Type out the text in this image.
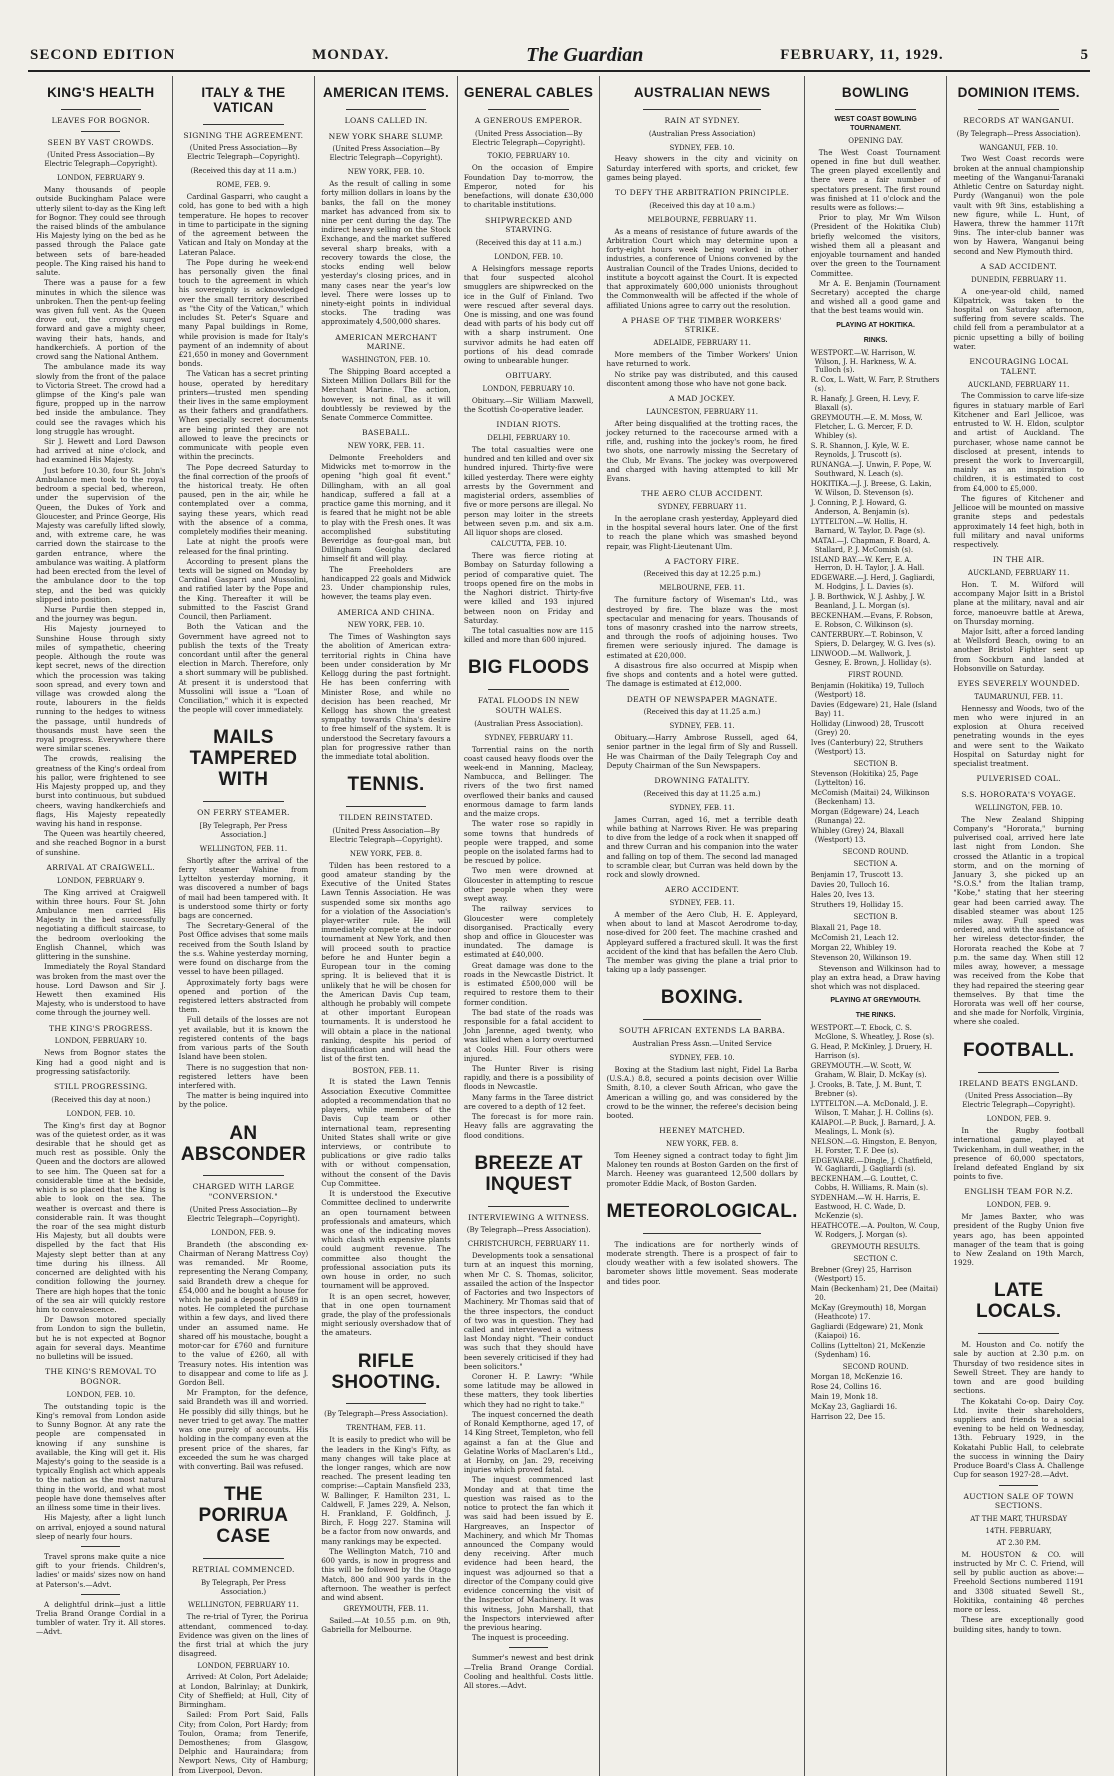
SECOND EDITION	MONDAY.	The Guardian	FEBRUARY, 11, 1929.	5
KING'S HEALTH
LEAVES FOR BOGNOR.
SEEN BY VAST CROWDS.
(United Press Association—By Electric Telegraph—Copyright).
LONDON, FEBRUARY 9.

Many thousands of people outside Buckingham Palace were utterly silent to-day as the King left for Bognor. They could see through the raised blinds of the ambulance His Majesty lying on the bed as he passed through the Palace gate between sets of bare-headed people. The King raised his hand to salute.

There was a pause for a few minutes in which the silence was unbroken. Then the pent-up feeling was given full vent. As the Queen drove out, the crowd surged forward and gave a mighty cheer, waving their hats, hands, and handkerchiefs. A portion of the crowd sang the National Anthem.

The ambulance made its way slowly from the front of the palace to Victoria Street. The crowd had a glimpse of the King's pale wan figure, propped up in the narrow bed inside the ambulance. They could see the ravages which his long struggle has wrought.

Sir J. Hewett and Lord Dawson had arrived at nine o'clock, and had examined His Majesty.

Just before 10.30, four St. John's Ambulance men took to the royal bedroom a special bed, whereon, under the supervision of the Queen, the Dukes of York and Gloucester, and Prince George, His Majesty was carefully lifted slowly, and, with extreme care, he was carried down the staircase to the garden entrance, where the ambulance was waiting. A platform had been erected from the level of the ambulance door to the top step, and the bed was quickly slipped into position.

Nurse Purdie then stepped in, and the journey was begun.

His Majesty journeyed to Sunshine House through sixty miles of sympathetic, cheering people. Although the route was kept secret, news of the direction which the procession was taking soon spread, and every town and village was crowded along the route, labourers in the fields running to the hedges to witness the passage, until hundreds of thousands must have seen the royal progress. Everywhere there were similar scenes.

The crowds, realising the greatness of the King's ordeal from his pallor, were frightened to see His Majesty propped up, and they burst into continuous, but subdued cheers, waving handkerchiefs and flags, His Majesty repeatedly waving his hand in response.

The Queen was heartily cheered, and she reached Bognor in a burst of sunshine.

ARRIVAL AT CRAIGWELL.
LONDON, FEBRUARY 9.

The King arrived at Craigwell within three hours. Four St. John Ambulance men carried His Majesty in the bed successfully negotiating a difficult staircase, to the bedroom overlooking the English Channel, which was glittering in the sunshine.

Immediately the Royal Standard was broken from the mast over the house. Lord Dawson and Sir J. Hewett then examined His Majesty, who is understood to have come through the journey well.

THE KING'S PROGRESS.
LONDON, FEBRUARY 10.

News from Bognor states the King had a good night and is progressing satisfactorily.

STILL PROGRESSING.
(Received this day at noon.)
LONDON, FEB. 10.

The King's first day at Bognor was of the quietest order, as it was desirable that he should get as much rest as possible. Only the Queen and the doctors are allowed to see him. The Queen sat for a considerable time at the bedside, which is so placed that the King is able to look on the sea. The weather is overcast and there is considerable rain. It was thought the roar of the sea might disturb His Majesty, but all doubts were dispelled by the fact that His Majesty slept better than at any time during his illness. All concerned are delighted with his condition following the journey. There are high hopes that the tonic of the sea air will quickly restore him to convalescence.

Dr Dawson motored specially from London to sign the bulletin, but he is not expected at Bognor again for several days. Meantime no bulletins will be issued.

THE KING'S REMOVAL TO BOGNOR.
LONDON, FEB. 10.

The outstanding topic is the King's removal from London aside to Sunny Bognor. At any rate the people are compensated in knowing if any sunshine is available, the King will get it. His Majesty's going to the seaside is a typically English act which appeals to the nation as the most natural thing in the world, and what most people have done themselves after an illness some time in their lives.

His Majesty, after a light lunch on arrival, enjoyed a sound natural sleep of nearly four hours.

Travel sprons make quite a nice gift to your friends. Children's, ladies' or maids' sizes now on hand at Paterson's.—Advt.

A delightful drink—just a little Trelia Brand Orange Cordial in a tumbler of water. Try it. All stores.—Advt.

ITALY & THE VATICAN
SIGNING THE AGREEMENT.
(United Press Association—By Electric Telegraph—Copyright).
(Received this day at 11 a.m.)
ROME, FEB. 9.

Cardinal Gasparri, who caught a cold, has gone to bed with a high temperature. He hopes to recover in time to participate in the signing of the agreement between the Vatican and Italy on Monday at the Lateran Palace.

The Pope during he week-end has personally given the final touch to the agreement in which his sovereignty is acknowledged over the small territory described as "the City of the Vatican," which includes St. Peter's Square and many Papal buildings in Rome, while provision is made for Italy's payment of an indemnity of about £21,650 in money and Government bonds.

The Vatican has a secret printing house, operated by hereditary printers—trusted men spending their lives in the same employment as their fathers and grandfathers. When specially secret documents are being printed they are not allowed to leave the precincts or communicate with people even within the precincts.

The Pope decreed Saturday to the final correction of the proofs of the historical treaty. He often paused, pen in the air, while he contemplated over a comma, saying these years, which read with the absence of a comma, completely modifies their meaning.

Late at night the proofs were released for the final printing.

According to present plans the texts will be signed on Monday by Cardinal Gasparri and Mussolini, and ratified later by the Pope and the King. Thereafter it will be submitted to the Fascist Grand Council, then Parliament.

Both the Vatican and the Government have agreed not to publish the texts of the Treaty concordant until after the general election in March. Therefore, only a short summary will be published. At present it is understood that Mussolini will issue a "Loan of Conciliation," which it is expected the people will cover immediately.

MAILS TAMPERED WITH
ON FERRY STEAMER.
[By Telegraph, Per Press Association.]
WELLINGTON, FEB. 11.

Shortly after the arrival of the ferry steamer Wahine from Lyttelton yesterday morning, it was discovered a number of bags of mail had been tampered with. It is understood some thirty or forty bags are concerned.

The Secretary-General of the Post Office advises that some mails received from the South Island by the s.s. Wahine yesterday morning, were found on discharge from the vessel to have been pillaged.

Approximately forty bags were opened and portion of the registered letters abstracted from them.

Full details of the losses are not yet available, but it is known the registered contents of the bags from various parts of the South Island have been stolen.

There is no suggestion that non-registered letters have been interfered with.

The matter is being inquired into by the police.

AN ABSCONDER
CHARGED WITH LARGE "CONVERSION."
(United Press Association—By Electric Telegraph—Copyright).
LONDON, FEB. 9.

Brandeth (the absconding ex-Chairman of Nerang Mattress Coy) was remanded. Mr Roome, representing the Nerang Company, said Brandeth drew a cheque for £54,000 and he bought a house for which he paid a deposit of £589 in notes. He completed the purchase within a few days, and lived there under an assumed name. He shared off his moustache, bought a motor-car for £760 and furniture to the value of £260, all with Treasury notes. His intention was to disappear and come to life as J. Gordon Bell.

Mr Frampton, for the defence, said Brandeth was ill and worried. He possibly did silly things, but he never tried to get away. The matter was one purely of accounts. His holding in the company even at the present price of the shares, far exceeded the sum he was charged with converting. Bail was refused.

THE PORIRUA CASE
RETRIAL COMMENCED.
By Telegraph, Per Press Association.)
WELLINGTON, FEBRUARY 11.

The re-trial of Tyrer, the Porirua attendant, commenced to-day. Evidence was given on the lines of the first trial at which the jury disagreed.

LONDON, FEBRUARY 10.

Arrived: At Colon, Port Adelaide; at London, Balrinlay; at Dunkirk, City of Sheffield; at Hull, City of Birmingham.

Sailed: From Port Said, Falls City; from Colon, Port Hardy; from Toulon, Orama; from Tenerife, Demosthenes; from Glasgow, Delphic and Hauraindara; from Newport News, City of Hamburg; from Liverpool, Devon.

AMERICAN ITEMS.
LOANS CALLED IN.
NEW YORK SHARE SLUMP.
(United Press Association—By Electric Telegraph—Copyright).
NEW YORK, FEB. 10.

As the result of calling in some forty million dollars in loans by the banks, the fall on the money market has advanced from six to nine per cent during the day. The indirect heavy selling on the Stock Exchange, and the market suffered several sharp breaks, with a recovery towards the close, the stocks ending well below yesterday's closing prices, and in many cases near the year's low level. There were losses up to ninety-eight points in individual stocks. The trading was approximately 4,500,000 shares.

AMERICAN MERCHANT MARINE.
WASHINGTON, FEB. 10.

The Shipping Board accepted a Sixteen Million Dollars Bill for the Merchant Marine. The action, however, is not final, as it will doubtlessly be reviewed by the Senate Commerce Committee.

BASEBALL.
NEW YORK, FEB. 11.

Delmonte Freeholders and Midwicks met to-morrow in the opening "high goal fit event." Dillingham, with an all goal handicap, suffered a fall at a practice game this morning, and it is feared that he might not be able to play with the Fresh ones. It was accomplished substituting Beveridge as four-goal man, but Dillingham Geoigha declared himself fit and will play.

The Freeholders are handicapped 22 goals and Midwick 23. Under championship rules, however, the teams play even.

AMERICA AND CHINA.
NEW YORK, FEB. 10.

The Times of Washington says the abolition of American extra-territorial rights in China have been under consideration by Mr Kellogg during the past fortnight. He has been conferring with Minister Rose, and while no decision has been reached, Mr Kellogg has shown the greatest sympathy towards China's desire to free himself of the system. It is understood the Secretary favours a plan for progressive rather than the immediate total abolition.

TENNIS.
TILDEN REINSTATED.
(United Press Association—By Electric Telegraph—Copyright).
NEW YORK, FEB. 8.

Tilden has been restored to a good amateur standing by the Executive of the United States Lawn Tennis Association. He was suspended some six months ago for a violation of the Association's player-writer rule. He will immediately compete at the indoor tournament at New York, and then will proceed south to practice before he and Hunter begin a European tour in the coming spring. It is believed that it is unlikely that he will be chosen for the American Davis Cup team, although he probably will compete at other important European tournaments. It is understood he will obtain a place in the national ranking, despite his period of disqualification and will head the list of the first ten.

BOSTON, FEB. 11.

It is stated the Lawn Tennis Association Executive Committee adopted a recommendation that no players, while members of the Davis Cup team or other international team, representing United States shall write or give interviews, or contribute to publications or give radio talks with or without compensation, without the consent of the Davis Cup Committee.

It is understood the Executive Committee declined to underwrite an open tournament between professionals and amateurs, which was one of the indicating moves which clash with expensive plants could augment revenue. The committee also thought the professional association puts its own house in order, no such tournament will be approved.

It is an open secret, however, that in one open tournament grade, the play of the professionals might seriously overshadow that of the amateurs.

RIFLE SHOOTING.
(By Telegraph—Press Association).
TRENTHAM, FEB. 11.

It is easily to predict who will be the leaders in the King's Fifty, as many changes will take place at the longer ranges, which are now reached. The present leading ten comprise:—Captain Mansfield 233, W. Ballinger, F. Hamilton 231, L. Caldwell, F. James 229, A. Nelson, H. Frankland, F. Goldfinch, J. Birch, F. Hogg 227. Stamina will be a factor from now onwards, and many rankings may be expected.

The Wellington Match, 710 and 600 yards, is now in progress and this will be followed by the Otago Match, 800 and 900 yards in the afternoon. The weather is perfect and wind absent.

GREYMOUTH, FEB. 11.

Sailed.—At 10.55 p.m. on 9th, Gabriella for Melbourne.

GENERAL CABLES
A GENEROUS EMPEROR.
(United Press Association—By Electric Telegraph—Copyright).
TOKIO, FEBRUARY 10.

On the occasion of Empire Foundation Day to-morrow, the Emperor, noted for his benefactions, will donate £30,000 to charitable institutions.

SHIPWRECKED AND STARVING.
(Received this day at 11 a.m.)
LONDON, FEB. 10.

A Helsingfors message reports that four suspected alcohol smugglers are shipwrecked on the ice in the Gulf of Finland. Two were rescued after several days. One is missing, and one was found dead with parts of his body cut off with a sharp instrument. One survivor admits he had eaten off portions of his dead comrade owing to unbearable hunger.

OBITUARY.
LONDON, FEBRUARY 10.

Obituary.—Sir William Maxwell, the Scottish Co-operative leader.

INDIAN RIOTS.
DELHI, FEBRUARY 10.

The total casualties were one hundred and ten killed and over six hundred injured. Thirty-five were killed yesterday. There were eighty arrests by the Government and magisterial orders, assemblies of five or more persons are illegal. No person may loiter in the streets between seven p.m. and six a.m. All liquor shops are closed.

CALCUTTA, FEB. 10.

There was fierce rioting at Bombay on Saturday following a period of comparative quiet. The troops opened fire on the mobs in the Naghori district. Thirty-five were killed and 193 injured between noon on Friday and Saturday.

The total casualties now are 115 killed and more than 600 injured.

BIG FLOODS
FATAL FLOODS IN NEW SOUTH WALES.
(Australian Press Association).
SYDNEY, FEBRUARY 11.

Torrential rains on the north coast caused heavy floods over the week-end in Manning, Macleay, Nambucca, and Bellinger. The rivers of the two first named overflowed their banks and caused enormous damage to farm lands and the maize crops.

The water rose so rapidly in some towns that hundreds of people were trapped, and some people on the isolated farms had to be rescued by police.

Two men were drowned at Gloucester in attempting to rescue other people when they were swept away.

The railway services to Gloucester were completely disorganised. Practically every shop and office in Gloucester was inundated. The damage is estimated at £40,000.

Great damage was done to the roads in the Newcastle District. It is estimated £500,000 will be required to restore them to their former condition.

The bad state of the roads was responsible for a fatal accident to John Jarenne, aged twenty, who was killed when a lorry overturned at Cooks Hill. Four others were injured.

The Hunter River is rising rapidly, and there is a possibility of floods in Newcastle.

Many farms in the Taree district are covered to a depth of 12 feet.

The forecast is for more rain. Heavy falls are aggravating the flood conditions.

BREEZE AT INQUEST
INTERVIEWING A WITNESS.
(By Telegraph—Press Association).
CHRISTCHURCH, FEBRUARY 11.

Developments took a sensational turn at an inquest this morning, when Mr C. S. Thomas, solicitor, assailed the action of the Inspector of Factories and two Inspectors of Machinery. Mr Thomas said that of the three inspectors, the conduct of two was in question. They had called and interviewed a witness last Monday night. "Their conduct was such that they should have been severely criticised if they had been solicitors."

Coroner H. P. Lawry: "While some latitude may be allowed in these matters, they took liberties which they had no right to take."

The inquest concerned the death of Ronald Kempthorne, aged 17, of 14 King Street, Templeton, who fell against a fan at the Glue and Gelatine Works of MacLaren's Ltd., at Hornby, on Jan. 29, receiving injuries which proved fatal.

The inquest commenced last Monday and at that time the question was raised as to the notice to protect the fan which it was said had been issued by E. Hargreaves, an Inspector of Machinery, and which Mr Thomas announced the Company would deny receiving. After much evidence had been heard, the inquest was adjourned so that a director of the Company could give evidence concerning the visit of the Inspector of Machinery. It was this witness, John Marshall, that the Inspectors interviewed after the previous hearing.

The inquest is proceeding.

Summer's newest and best drink—Trelia Brand Orange Cordial. Cooling and healthful. Costs little. All stores.—Advt.

AUSTRALIAN NEWS
RAIN AT SYDNEY.
(Australian Press Association)
SYDNEY, FEB. 10.

Heavy showers in the city and vicinity on Saturday interfered with sports, and cricket, few games being played.

TO DEFY THE ARBITRATION PRINCIPLE.
(Received this day at 10 a.m.)
MELBOURNE, FEBRUARY 11.

As a means of resistance of future awards of the Arbitration Court which may determine upon a forty-eight hours week being worked in other industries, a conference of Unions convened by the Australian Council of the Trades Unions, decided to institute a boycott against the Court. It is expected that approximately 600,000 unionists throughout the Commonwealth will be affected if the whole of affiliated Unions agree to carry out the resolution.

A PHASE OF THE TIMBER WORKERS' STRIKE.
ADELAIDE, FEBRUARY 11.

More members of the Timber Workers' Union have returned to work.

No strike pay was distributed, and this caused discontent among those who have not gone back.

A MAD JOCKEY.
LAUNCESTON, FEBRUARY 11.

After being disqualified at the trotting races, the jockey returned to the racecourse armed with a rifle, and, rushing into the jockey's room, he fired two shots, one narrowly missing the Secretary of the Club, Mr Evans. The jockey was overpowered and charged with having attempted to kill Mr Evans.

THE AERO CLUB ACCIDENT.
SYDNEY, FEBRUARY 11.

In the aeroplane crash yesterday, Appleyard died in the hospital several hours later. One of the first to reach the plane which was smashed beyond repair, was Flight-Lieutenant Ulm.

A FACTORY FIRE.
(Received this day at 12.25 p.m.)
MELBOURNE, FEB. 11.

The furniture factory of Wiseman's Ltd., was destroyed by fire. The blaze was the most spectacular and menacing for years. Thousands of tons of masonry crashed into the narrow streets, and through the roofs of adjoining houses. Two firemen were seriously injured. The damage is estimated at £20,000.

A disastrous fire also occurred at Mispip when five shops and contents and a hotel were gutted. The damage is estimated at £12,000.

DEATH OF NEWSPAPER MAGNATE.
(Received this day at 11.25 a.m.)
SYDNEY, FEB. 11.

Obituary.—Harry Ambrose Russell, aged 64, senior partner in the legal firm of Sly and Russell. He was Chairman of the Daily Telegraph Coy and Deputy Chairman of the Sun Newspapers.

DROWNING FATALITY.
(Received this day at 11.25 a.m.)
SYDNEY, FEB. 11.

James Curran, aged 16, met a terrible death while bathing at Narrows River. He was preparing to dive from the ledge of a rock when it snapped off and threw Curran and his companion into the water and falling on top of them. The second lad managed to scramble clear, but Curran was held down by the rock and slowly drowned.

AERO ACCIDENT.
SYDNEY, FEB. 11.

A member of the Aero Club, H. E. Appleyard, when about to land at Mascot Aerodrome to-day, nose-dived for 200 feet. The machine crashed and Appleyard suffered a fractured skull. It was the first accident of the kind that has befallen the Aero Club. The member was giving the plane a trial prior to taking up a lady passenger.

BOXING.
SOUTH AFRICAN EXTENDS LA BARBA.
Australian Press Assn.—United Service
SYDNEY, FEB. 10.

Boxing at the Stadium last night, Fidel La Barba (U.S.A.) 8.8, secured a points decision over Willie Smith, 8.10, a clever South African, who gave the American a willing go, and was considered by the crowd to be the winner, the referee's decision being booted.

HEENEY MATCHED.
NEW YORK, FEB. 8.

Tom Heeney signed a contract today to fight Jim Maloney ten rounds at Boston Garden on the first of March. Heeney was guaranteed 12,500 dollars by promoter Eddie Mack, of Boston Garden.

METEOROLOGICAL.

The indications are for northerly winds of moderate strength. There is a prospect of fair to cloudy weather with a few isolated showers. The barometer shows little movement. Seas moderate and tides poor.

BOWLING
WEST COAST BOWLING TOURNAMENT.
OPENING DAY.

The West Coast Tournament opened in fine but dull weather. The green played excellently and there were a fair number of spectators present. The first round was finished at 11 o'clock and the results were as follows:—

Prior to play, Mr Wm Wilson (President of the Hokitika Club) briefly welcomed the visitors, wished them all a pleasant and enjoyable tournament and handed over the green to the Tournament Committee.

Mr A. E. Benjamin (Tournament Secretary) accepted the charge and wished all a good game and that the best teams would win.

PLAYING AT HOKITIKA.
RINKS.

WESTPORT.—W. Harrison, W. Wilson, J. H. Harkness, W. A. Tulloch (s).

R. Cox, L. Watt, W. Farr, P. Struthers (s).

R. Hanafy, J. Green, H. Levy, F. Blaxall (s).

GREYMOUTH.—E. M. Moss, W. Fletcher, L. G. Mercer, F. D. Whibley (s).

S. R. Shannon, J. Kyle, W. E. Reynolds, J. Truscott (s).

RUNANGA.—J. Unwin, F. Pope, W. Southward, N. Leach (s).

HOKITIKA.—J. J. Breese, G. Lakin, W. Wilson, D. Stevenson (s).

J. Conning, P. J. Howard, G. Anderson, A. Benjamin (s).

LYTTELTON.—W. Hollis, H. Barnard, W. Taylor, D. Page (s).

MATAI.—J. Chapman, F. Board, A. Stallard, P. J. McComish (s).

ISLAND BAY.—W. Kerr, E. A. Herron, D. H. Taylor, J. A. Hall.

EDGEWARE.—J. Herd, J. Gagliardi, M. Hodgins, J. L. Davies (s).

J. B. Borthwick, W. J. Ashby, J. W. Beanland, J. L. Morgan (s).

BECKENHAM.—Evans, F. Robson, E. Robson, C. Wilkinson (s).

CANTERBURY.—T. Robinson, V. Spiers, D. Delargey, W. G. Ives (s).

LINWOOD.—M. Wallwork, J. Gesney, E. Brown, J. Holliday (s).

FIRST ROUND.

Benjamin (Hokitika) 19, Tulloch (Westport) 18.

Davies (Edgeware) 21, Hale (Island Bay) 11.

Holliday (Linwood) 28, Truscott (Grey) 20.

Ives (Canterbury) 22, Struthers (Westport) 13.

SECTION B.

Stevenson (Hokitika) 25, Page (Lyttelton) 16.

McComish (Maitai) 24, Wilkinson (Beckenham) 13.

Morgan (Edgeware) 24, Leach (Runanga) 22.

Whibley (Grey) 24, Blaxall (Westport) 13.

SECOND ROUND.
SECTION A.

Benjamin 17, Truscott 13.

Davies 20, Tulloch 16.

Hales 20, Ives 13.

Struthers 19, Holliday 15.

SECTION B.

Blaxall 21, Page 18.

McComish 21, Leach 12.

Morgan 22, Whibley 19.

Stevenson 20, Wilkinson 19.

Stevenson and Wilkinson had to play an extra head, a Draw having shot which was not displaced.

PLAYING AT GREYMOUTH.
THE RINKS.

WESTPORT.—T. Ebock, C. S. McGlone, S. Wheatley, J. Rose (s).

G. Head, P. McKinley, J. Druery, H. Harrison (s).

GREYMOUTH.—W. Scott, W. Graham, W. Blair, D. McKay (s).

J. Crooks, B. Tate, J. M. Bunt, T. Brebner (s).

LYTTELTON.—A. McDonald, J. E. Wilson, T. Mahar, J. H. Collins (s).

KAIAPOI.—P. Buck, J. Barnard, J. A. Mealings, L. Monk (s).

NELSON.—G. Hingston, E. Benyon, H. Forster, T. F. Dee (s).

EDGEWARE.—Dingle, J. Chatfield, W. Gagliardi, J. Gagliardi (s).

BECKENHAM.—G. Louttet, C. Cobbs, H. Williams, R. Main (s).

SYDENHAM.—W. H. Harris, E. Eastwood, H. C. Wade, D. McKenzie (s).

HEATHCOTE.—A. Poulton, W. Coup, W. Rodgers, J. Morgan (s).

GREYMOUTH RESULTS.
SECTION C.

Brebner (Grey) 25, Harrison (Westport) 15.

Main (Beckenham) 21, Dee (Maitai) 20.

McKay (Greymouth) 18, Morgan (Heathcote) 17.

Gagliardi (Edgeware) 21, Monk (Kaiapoi) 16.

Collins (Lyttelton) 21, McKenzie (Sydenham) 16.

SECOND ROUND.

Morgan 18, McKenzie 16.

Rose 24, Collins 16.

Main 19, Monk 18.

McKay 23, Gagliardi 16.

Harrison 22, Dee 15.

DOMINION ITEMS.
RECORDS AT WANGANUI.
(By Telegraph—Press Association).
WANGANUI, FEB. 10.

Two West Coast records were broken at the annual championship meeting of the Wanganui-Taranaki Athletic Centre on Saturday night. Purdy (Wanganui) won the pole vault with 9ft 3ins, establishing a new figure, while L. Hunt, of Hawera, threw the hammer 117ft 9ins. The inter-club banner was won by Hawera, Wanganui being second and New Plymouth third.

A SAD ACCIDENT.
DUNEDIN, FEBRUARY 11.

A one-year-old child, named Kilpatrick, was taken to the hospital on Saturday afternoon, suffering from severe scalds. The child fell from a perambulator at a picnic upsetting a billy of boiling water.

ENCOURAGING LOCAL TALENT.
AUCKLAND, FEBRUARY 11.

The Commission to carve life-size figures in statuary marble of Earl Kitchener and Earl Jellicoe, was entrusted to W. H. Eldon, sculptor and artist of Auckland. The purchaser, whose name cannot be disclosed at present, intends to present the work to Invercargill, mainly as an inspiration to children, it is estimated to cost from £4,000 to £5,000.

The figures of Kitchener and Jellicoe will be mounted on massive granite steps and pedestals approximately 14 feet high, both in full military and naval uniforms respectively.

IN THE AIR.
AUCKLAND, FEBRUARY 11.

Hon. T. M. Wilford will accompany Major Isitt in a Bristol plane at the military, naval and air force, manoeuvre battle at Arewa, on Thursday morning.

Major Isitt, after a forced landing at Wellsford Beach, owing to an another Bristol Fighter sent up from Sockburn and landed at Hobsonville on Saturday.

EYES SEVERELY WOUNDED.
TAUMARUNUI, FEB. 11.

Hennessy and Woods, two of the men who were injured in an explosion at Ohura received penetrating wounds in the eyes and were sent to the Waikato Hospital on Saturday night for specialist treatment.

PULVERISED COAL.
S.S. HORORATA'S VOYAGE.
WELLINGTON, FEB. 10.

The New Zealand Shipping Company's "Hororata," burning pulverised coal, arrived here late last night from London. She crossed the Atlantic in a tropical storm, and on the morning of January 3, she picked up an "S.O.S." from the Italian tramp, "Kobe," stating that her steering gear had been carried away. The disabled steamer was about 125 miles away. Full speed was ordered, and with the assistance of her wireless detector-finder, the Hororata reached the Kobe at 7 p.m. the same day. When still 12 miles away, however, a message was received from the Kobe that they had repaired the steering gear themselves. By that time the Hororata was well off her course, and she made for Norfolk, Virginia, where she coaled.

FOOTBALL.
IRELAND BEATS ENGLAND.
(United Press Association—By Electric Telegraph—Copyright).
LONDON, FEB. 9.

In the Rugby football international game, played at Twickenham, in dull weather, in the presence of 60,000 spectators, Ireland defeated England by six points to five.

ENGLISH TEAM FOR N.Z.
LONDON, FEB. 9.

Mr James Baxter, who was president of the Rugby Union five years ago, has been appointed manager of the team that is going to New Zealand on 19th March, 1929.

LATE LOCALS.

M. Houston and Co. notify the sale by auction at 2.30 p.m. on Thursday of two residence sites in Sewell Street. They are handy to town and are good building sections.

The Kokatahi Co-op. Dairy Coy. Ltd. invite their shareholders, suppliers and friends to a social evening to be held on Wednesday, 13th. February 1929, in the Kokatahi Public Hall, to celebrate the success in winning the Dairy Produce Board's Class A. Challenge Cup for season 1927-28.—Advt.

AUCTION SALE OF TOWN SECTIONS.
AT THE MART, THURSDAY
14TH. FEBRUARY,
AT 2.30 P.M.

M. HOUSTON & CO. will instructed by Mr C. C. Friend, will sell by public auction as above:—Freehold Sections numbered 1191 and 3308 situated Sewell St., Hokitika, containing 48 perches more or less.

These are exceptionally good building sites, handy to town.
